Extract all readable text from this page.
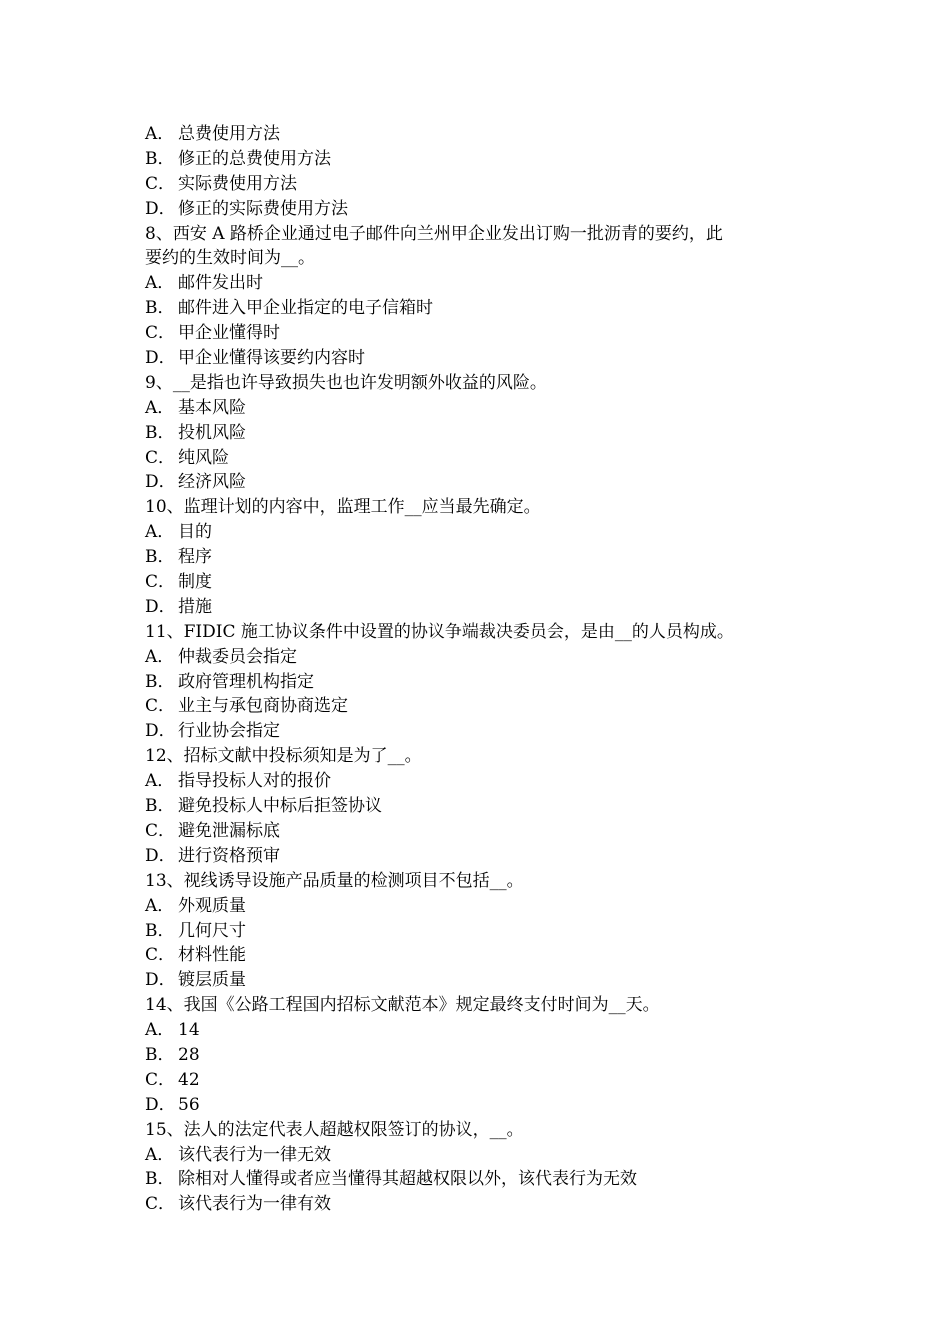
A． 总费使用方法
B． 修正的总费使用方法
C． 实际费使用方法
D． 修正的实际费使用方法
8、西安 A 路桥企业通过电子邮件向兰州甲企业发出订购一批沥青的要约，此
要约的生效时间为__。
A． 邮件发出时
B． 邮件进入甲企业指定的电子信箱时
C． 甲企业懂得时
D． 甲企业懂得该要约内容时
9、__是指也许导致损失也也许发明额外收益的风险。
A． 基本风险
B． 投机风险
C． 纯风险
D． 经济风险
10、监理计划的内容中，监理工作__应当最先确定。
A． 目的
B． 程序
C． 制度
D． 措施
11、FIDIC 施工协议条件中设置的协议争端裁决委员会，是由__的人员构成。
A． 仲裁委员会指定
B． 政府管理机构指定
C． 业主与承包商协商选定
D． 行业协会指定
12、招标文献中投标须知是为了__。
A． 指导投标人对的报价
B． 避免投标人中标后拒签协议
C． 避免泄漏标底
D． 进行资格预审
13、视线诱导设施产品质量的检测项目不包括__。
A． 外观质量
B． 几何尺寸
C． 材料性能
D． 镀层质量
14、我国《公路工程国内招标文献范本》规定最终支付时间为__天。
A． 14
B． 28
C． 42
D． 56
15、法人的法定代表人超越权限签订的协议，__。
A． 该代表行为一律无效
B． 除相对人懂得或者应当懂得其超越权限以外，该代表行为无效
C． 该代表行为一律有效
